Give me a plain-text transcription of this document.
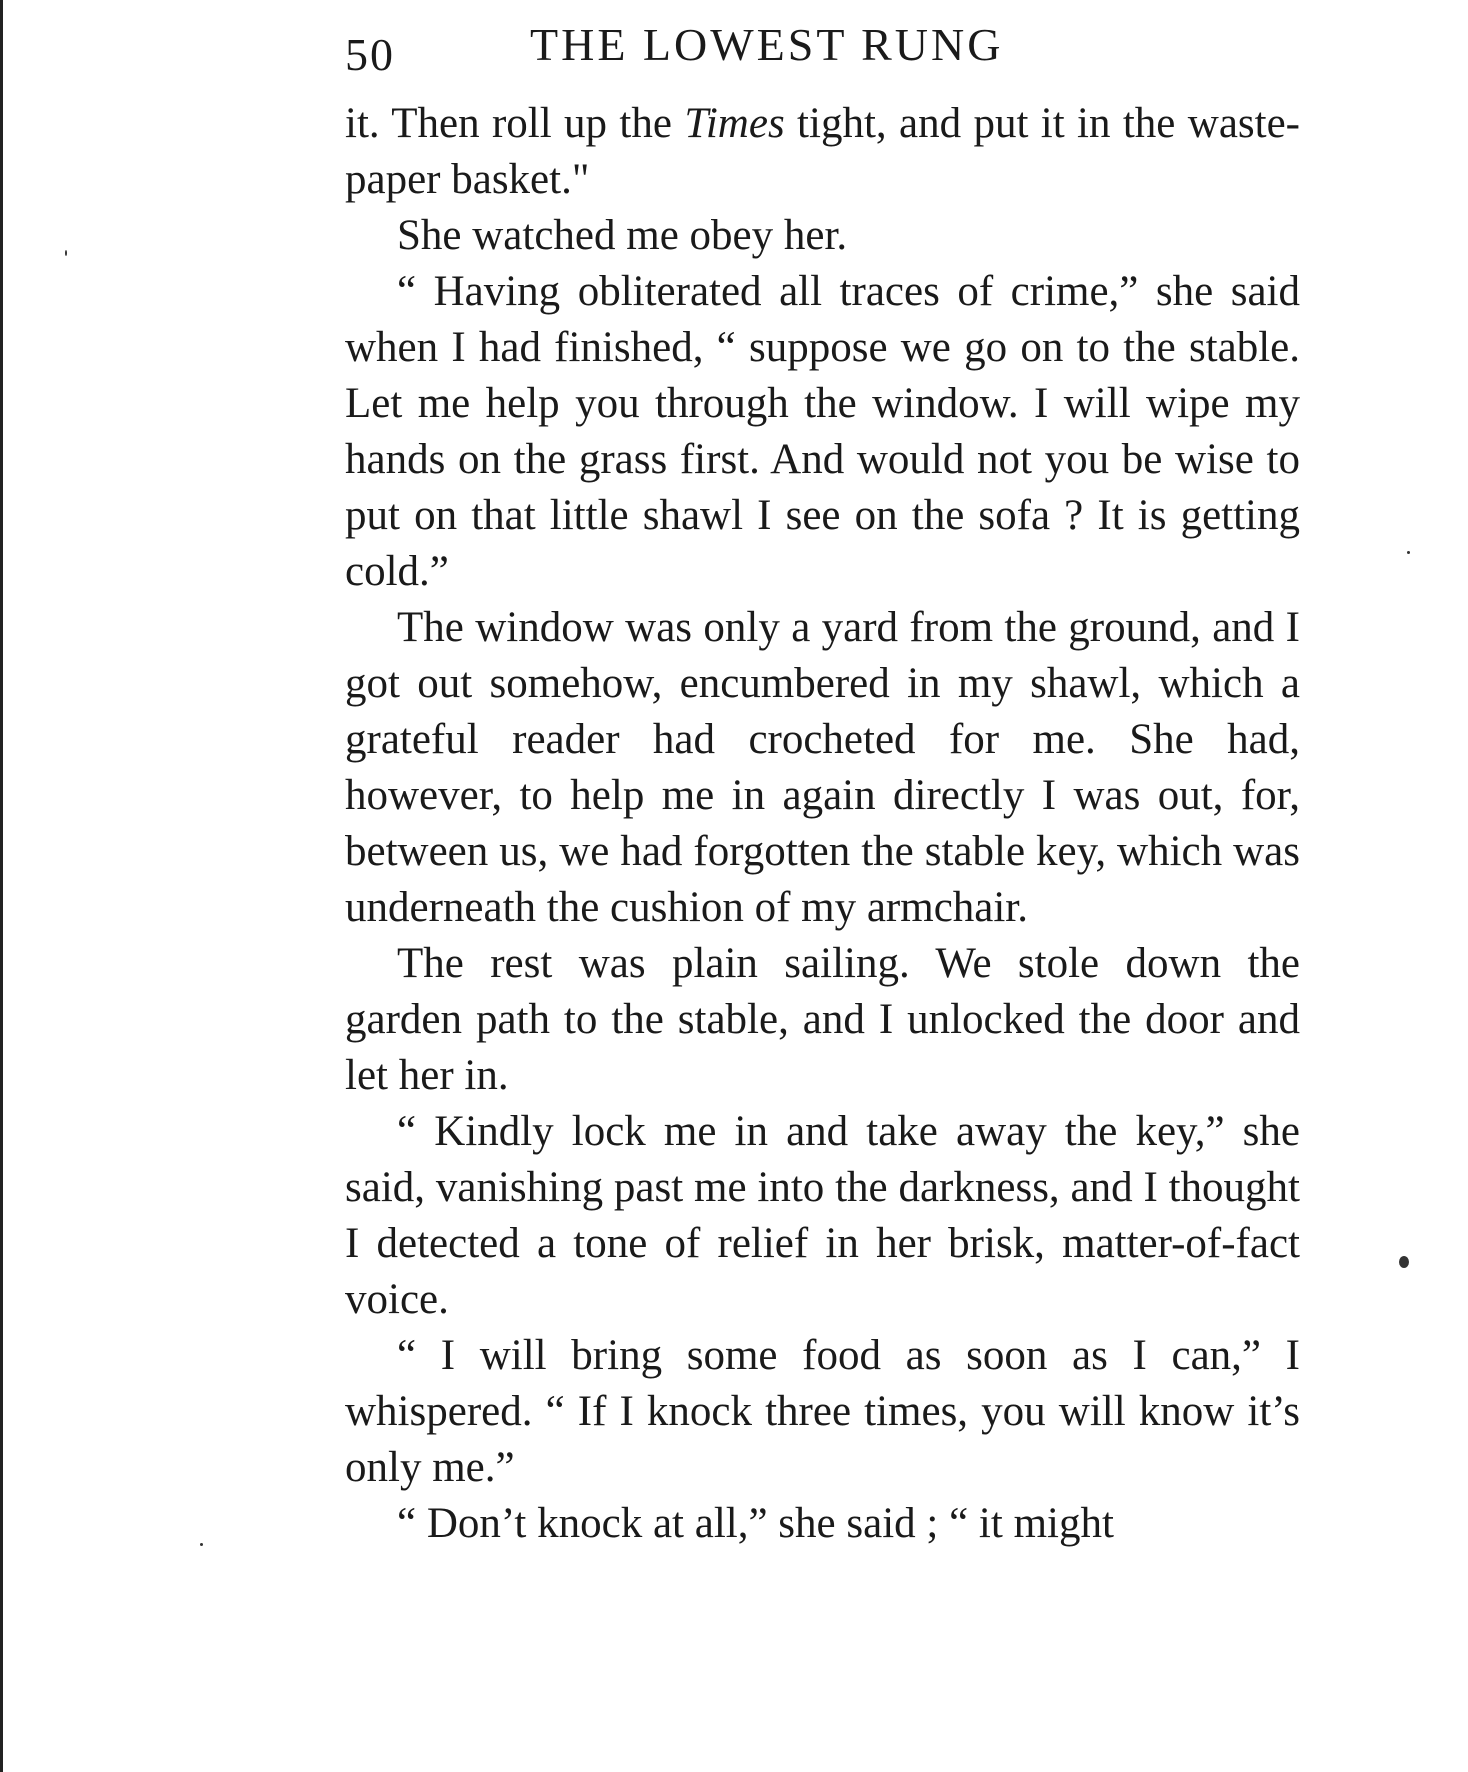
50	THE LOWEST RUNG

it. Then roll up the Times tight, and put it in the waste-paper basket."

She watched me obey her.

“ Having obliterated all traces of crime,” she said when I had finished, “ suppose we go on to the stable. Let me help you through the window. I will wipe my hands on the grass first. And would not you be wise to put on that little shawl I see on the sofa ? It is getting cold.”

The window was only a yard from the ground, and I got out somehow, encumbered in my shawl, which a grateful reader had crocheted for me. She had, however, to help me in again directly I was out, for, between us, we had forgotten the stable key, which was underneath the cushion of my armchair.

The rest was plain sailing. We stole down the garden path to the stable, and I unlocked the door and let her in.

“ Kindly lock me in and take away the key,” she said, vanishing past me into the darkness, and I thought I detected a tone of relief in her brisk, matter-of-fact voice.

“ I will bring some food as soon as I can,” I whispered. “ If I knock three times, you will know it’s only me.”

“ Don’t knock at all,” she said ; “ it might
